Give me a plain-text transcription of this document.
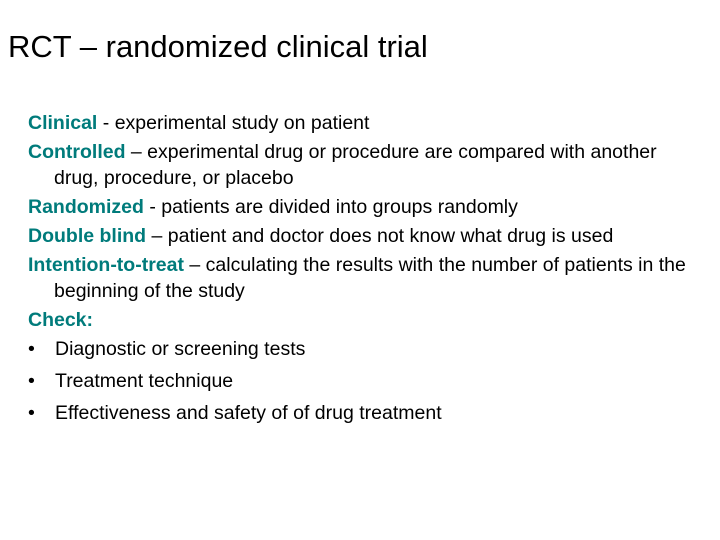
RCT – randomized clinical trial
Clinical - experimental study on patient
Controlled – experimental drug or procedure are compared with another drug, procedure, or placebo
Randomized - patients are divided into groups randomly
Double blind – patient and doctor does not know what drug is used
Intention-to-treat – calculating the results with the number of patients in the beginning of the study
Check:
•	Diagnostic or screening tests
•	Treatment technique
•	Effectiveness and safety of of drug treatment
